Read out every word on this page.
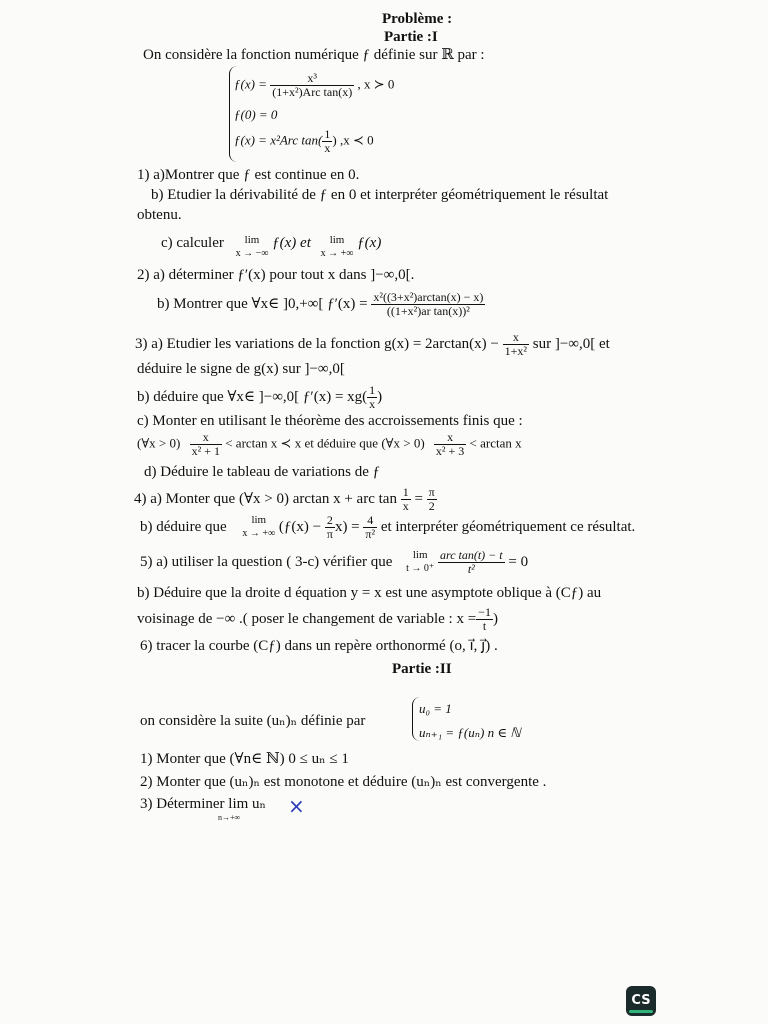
Problème :
Partie :I
On considère la fonction numérique ƒ définie sur ℝ par :
ƒ(x) = $\frac{\text{x³}}{\text{(1+x²)Arc tan(x)}}$ , x ≻ 0
ƒ(0) = 0
ƒ(x) = x²Arc $\tan( \frac{1}{x}$ ) ,x ≺ 0
1) a)Montrer que ƒ est continue en 0.
b) Etudier la dérivabilité de ƒ en 0 et interpréter géométriquement le résultat
obtenu.
c) calculer lim
x → −∞
ƒ(x) et lim
x → +∞
ƒ(x)
2) a) déterminer ƒ′(x) pour tout x dans ]−∞,0[.
b) Montrer que ∀x∈ ]0,+∞[ ƒ′(x) = $\frac{\text{x²((3+x²)arctan(x) − x)}}{\text{((1+x²)ar tan(x))²}}$
3) a) Etudier les variations de la fonction $g(x) = 2\arctan(x) - \frac{x}{\text{1+x²}}$ sur ]−∞,0[ et
déduire le signe de g(x) sur ]−∞,0[
b) déduire que ∀x∈ ]−∞,0[ ƒ′(x) = $xg( \frac{1}{x}$ )
c) Monter en utilisant le théorème des accroissements finis que :
(∀x > $0) \frac{x}{\text{x² + 1}} < \arctan x$ ≺ x et déduire que (∀x > $0) \frac{x}{\text{x² + 3}} < \arctan x$
d) Déduire le tableau de variations de ƒ
4) a) Monter que (∀x > 0) arctan x + arc $\tan \frac{1}{x} = \frac{\pi}{2}$
b) déduire que lim
x → +∞ (ƒ(x) − $\frac{2}{\pi} x) = \frac{4}{\text{π²}}$ et interpréter géométriquement ce résultat.
5) a) utiliser la question ( 3-c) vérifier que lim
t → 0⁺
$\frac{\text{arc tan(t) − t}}{\text{t²}} = 0$
b) Déduire que la droite d équation y = x est une asymptote oblique à (Cƒ) au
voisinage de −∞ .( poser le changement de variable : $x = \frac{-1}{t}$ )
6) tracer la courbe (Cƒ) dans un repère orthonormé (o, i⃗, j⃗) .
Partie :II
on considère la suite (uₙ)ₙ définie par
u₀ = 1
uₙ₊₁ = ƒ(uₙ) n ∈ ℕ
1) Monter que (∀n∈ ℕ) 0 ≤ uₙ ≤ 1
2) Monter que (uₙ)ₙ est monotone et déduire (uₙ)ₙ est convergente .
3) Déterminer lim uₙ
n→+∞ ×
CS
